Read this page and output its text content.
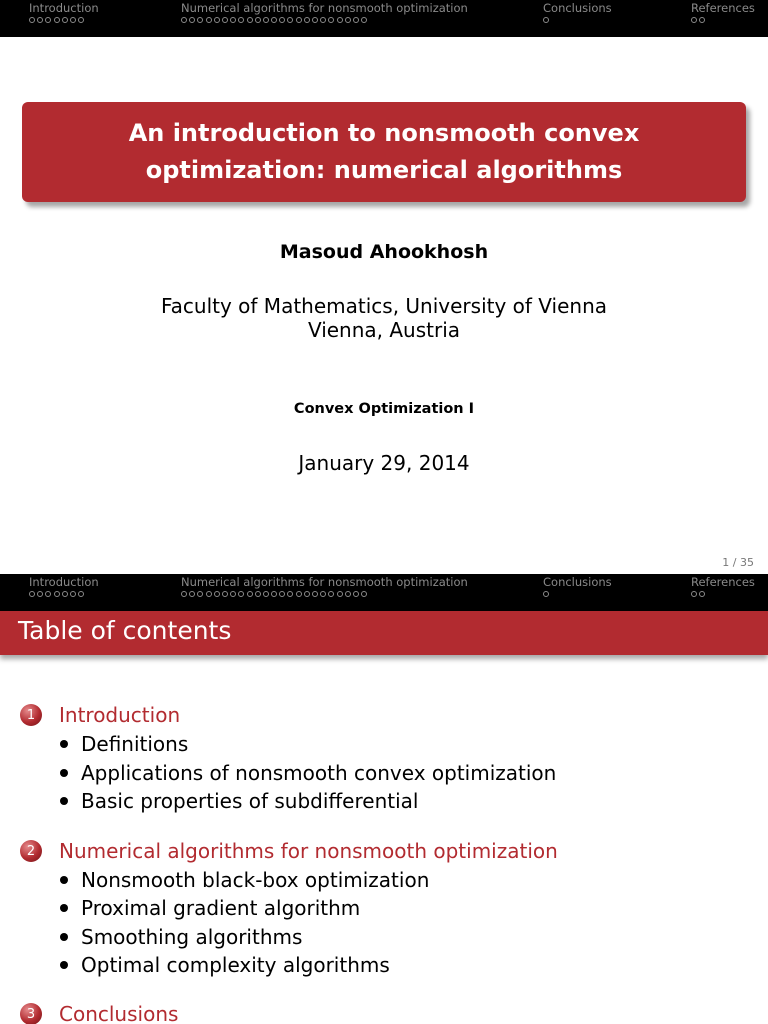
Introduction	Numerical algorithms for nonsmooth optimization	Conclusions	References
An introduction to nonsmooth convex optimization: numerical algorithms
Masoud Ahookhosh
Faculty of Mathematics, University of Vienna
Vienna, Austria
Convex Optimization I
January 29, 2014
1 / 35
Introduction	Numerical algorithms for nonsmooth optimization	Conclusions	References
Table of contents
1	Introduction
Definitions
Applications of nonsmooth convex optimization
Basic properties of subdifferential
2	Numerical algorithms for nonsmooth optimization
Nonsmooth black-box optimization
Proximal gradient algorithm
Smoothing algorithms
Optimal complexity algorithms
3	Conclusions
